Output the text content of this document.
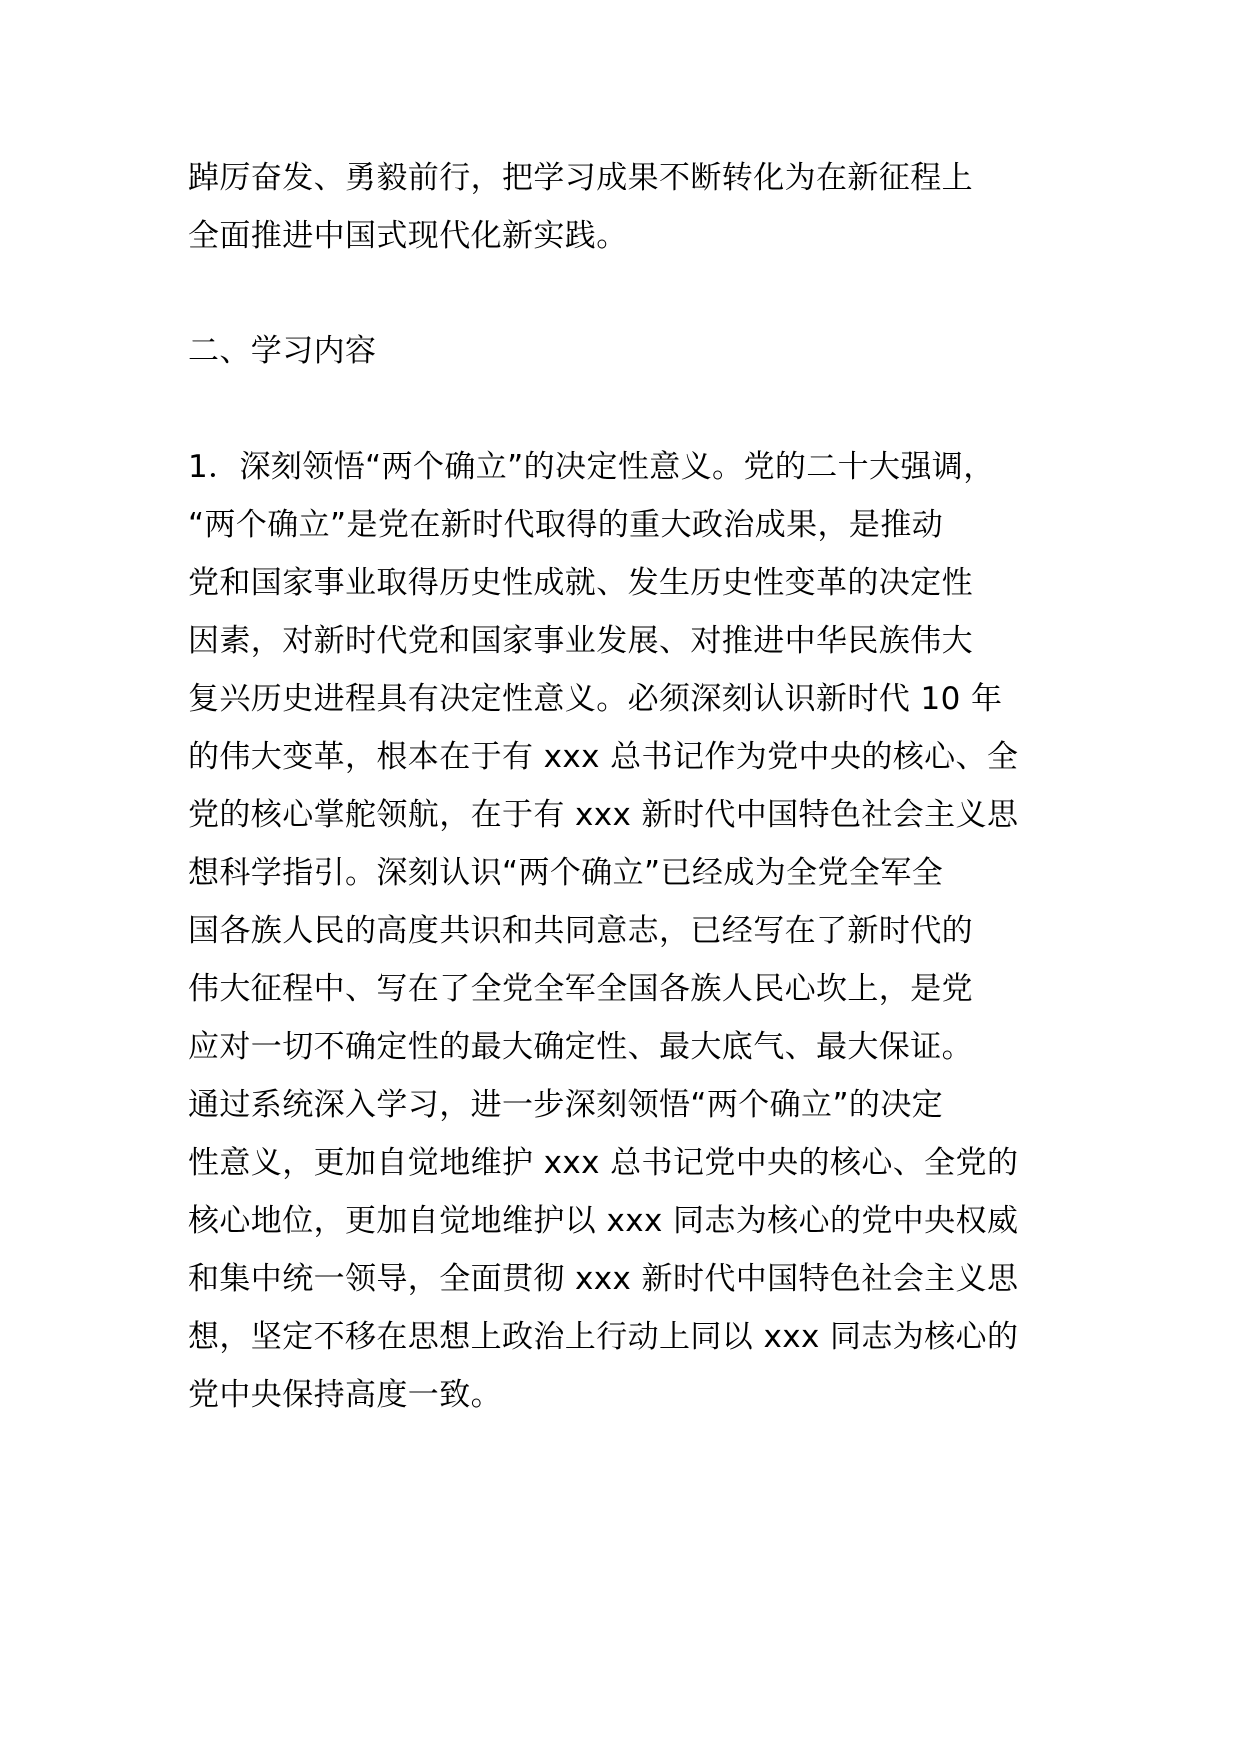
踔厉奋发、勇毅前行，把学习成果不断转化为在新征程上
全面推进中国式现代化新实践。
二、学习内容
1．深刻领悟“两个确立”的决定性意义。党的二十大强调，
“两个确立”是党在新时代取得的重大政治成果，是推动
党和国家事业取得历史性成就、发生历史性变革的决定性
因素，对新时代党和国家事业发展、对推进中华民族伟大
复兴历史进程具有决定性意义。必须深刻认识新时代 10 年
的伟大变革，根本在于有 xxx 总书记作为党中央的核心、全
党的核心掌舵领航，在于有 xxx 新时代中国特色社会主义思
想科学指引。深刻认识“两个确立”已经成为全党全军全
国各族人民的高度共识和共同意志，已经写在了新时代的
伟大征程中、写在了全党全军全国各族人民心坎上，是党
应对一切不确定性的最大确定性、最大底气、最大保证。
通过系统深入学习，进一步深刻领悟“两个确立”的决定
性意义，更加自觉地维护 xxx 总书记党中央的核心、全党的
核心地位，更加自觉地维护以 xxx 同志为核心的党中央权威
和集中统一领导，全面贯彻 xxx 新时代中国特色社会主义思
想，坚定不移在思想上政治上行动上同以 xxx 同志为核心的
党中央保持高度一致。
